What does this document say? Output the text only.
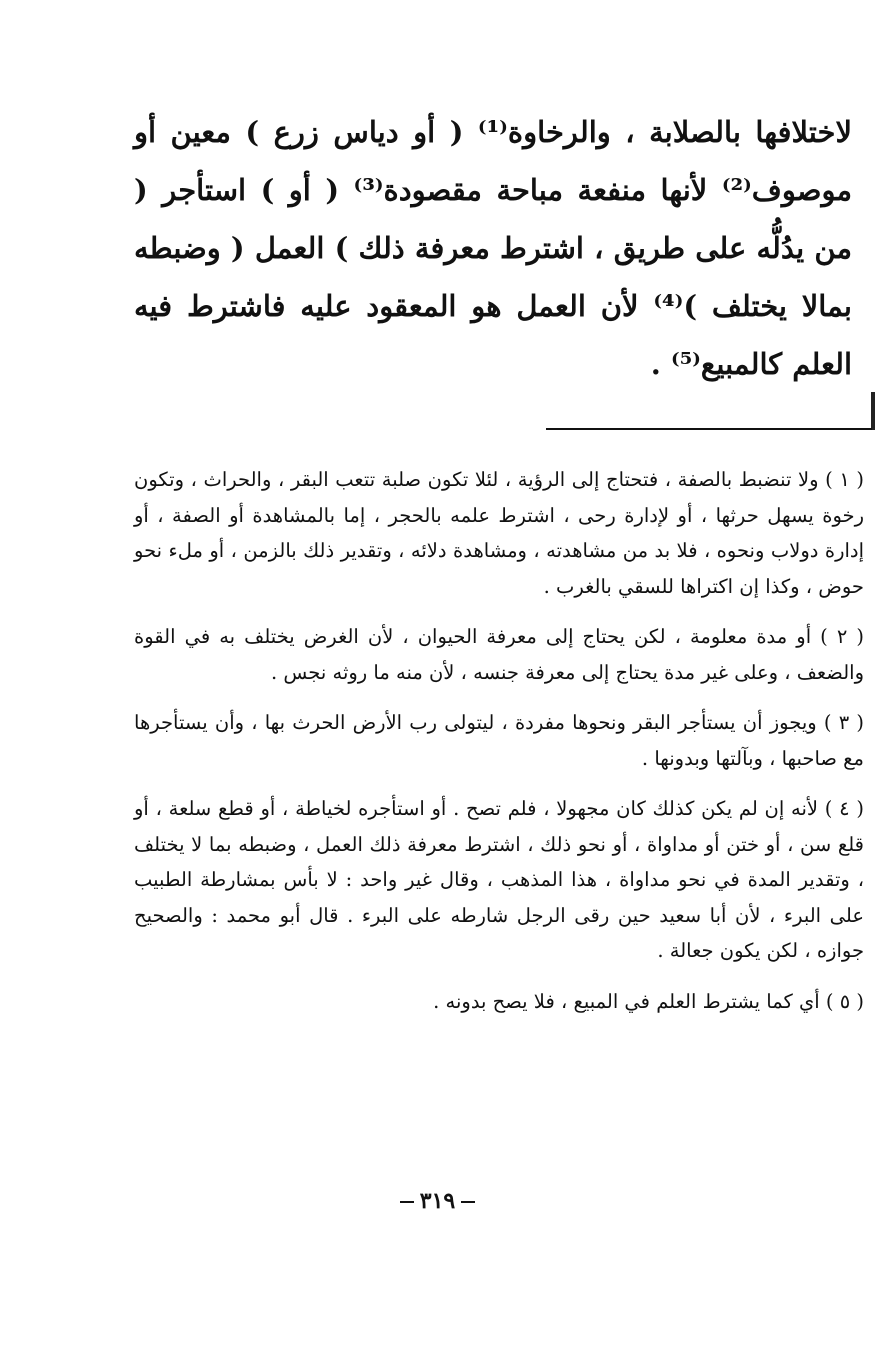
لاختلافها بالصلابة ، والرخاوة⁽¹⁾ ( أو دياس زرع ) معين أو موصوف⁽²⁾ لأنها منفعة مباحة مقصودة⁽³⁾ ( أو ) استأجر ( من يدُلُّه على طريق ، اشترط معرفة ذلك ) العمل ( وضبطه بمالا يختلف )⁽⁴⁾ لأن العمل هو المعقود عليه فاشترط فيه العلم كالمبيع⁽⁵⁾ .

( ١ ) ولا تنضبط بالصفة ، فتحتاج إلى الرؤية ، لئلا تكون صلبة تتعب البقر ، والحراث ، وتكون رخوة يسهل حرثها ، أو لإدارة رحى ، اشترط علمه بالحجر ، إما بالمشاهدة أو الصفة ، أو إدارة دولاب ونحوه ، فلا بد من مشاهدته ، ومشاهدة دلائه ، وتقدير ذلك بالزمن ، أو ملء نحو حوض ، وكذا إن اكتراها للسقي بالغرب .

( ٢ ) أو مدة معلومة ، لكن يحتاج إلى معرفة الحيوان ، لأن الغرض يختلف به في القوة والضعف ، وعلى غير مدة يحتاج إلى معرفة جنسه ، لأن منه ما روثه نجس .

( ٣ ) ويجوز أن يستأجر البقر ونحوها مفردة ، ليتولى رب الأرض الحرث بها ، وأن يستأجرها مع صاحبها ، وبآلتها وبدونها .

( ٤ ) لأنه إن لم يكن كذلك كان مجهولا ، فلم تصح . أو استأجره لخياطة ، أو قطع سلعة ، أو قلع سن ، أو ختن أو مداواة ، أو نحو ذلك ، اشترط معرفة ذلك العمل ، وضبطه بما لا يختلف ، وتقدير المدة في نحو مداواة ، هذا المذهب ، وقال غير واحد : لا بأس بمشارطة الطبيب على البرء ، لأن أبا سعيد حين رقى الرجل شارطه على البرء . قال أبو محمد : والصحيح جوازه ، لكن يكون جعالة .

( ٥ ) أي كما يشترط العلم في المبيع ، فلا يصح بدونه .

٣١٩
